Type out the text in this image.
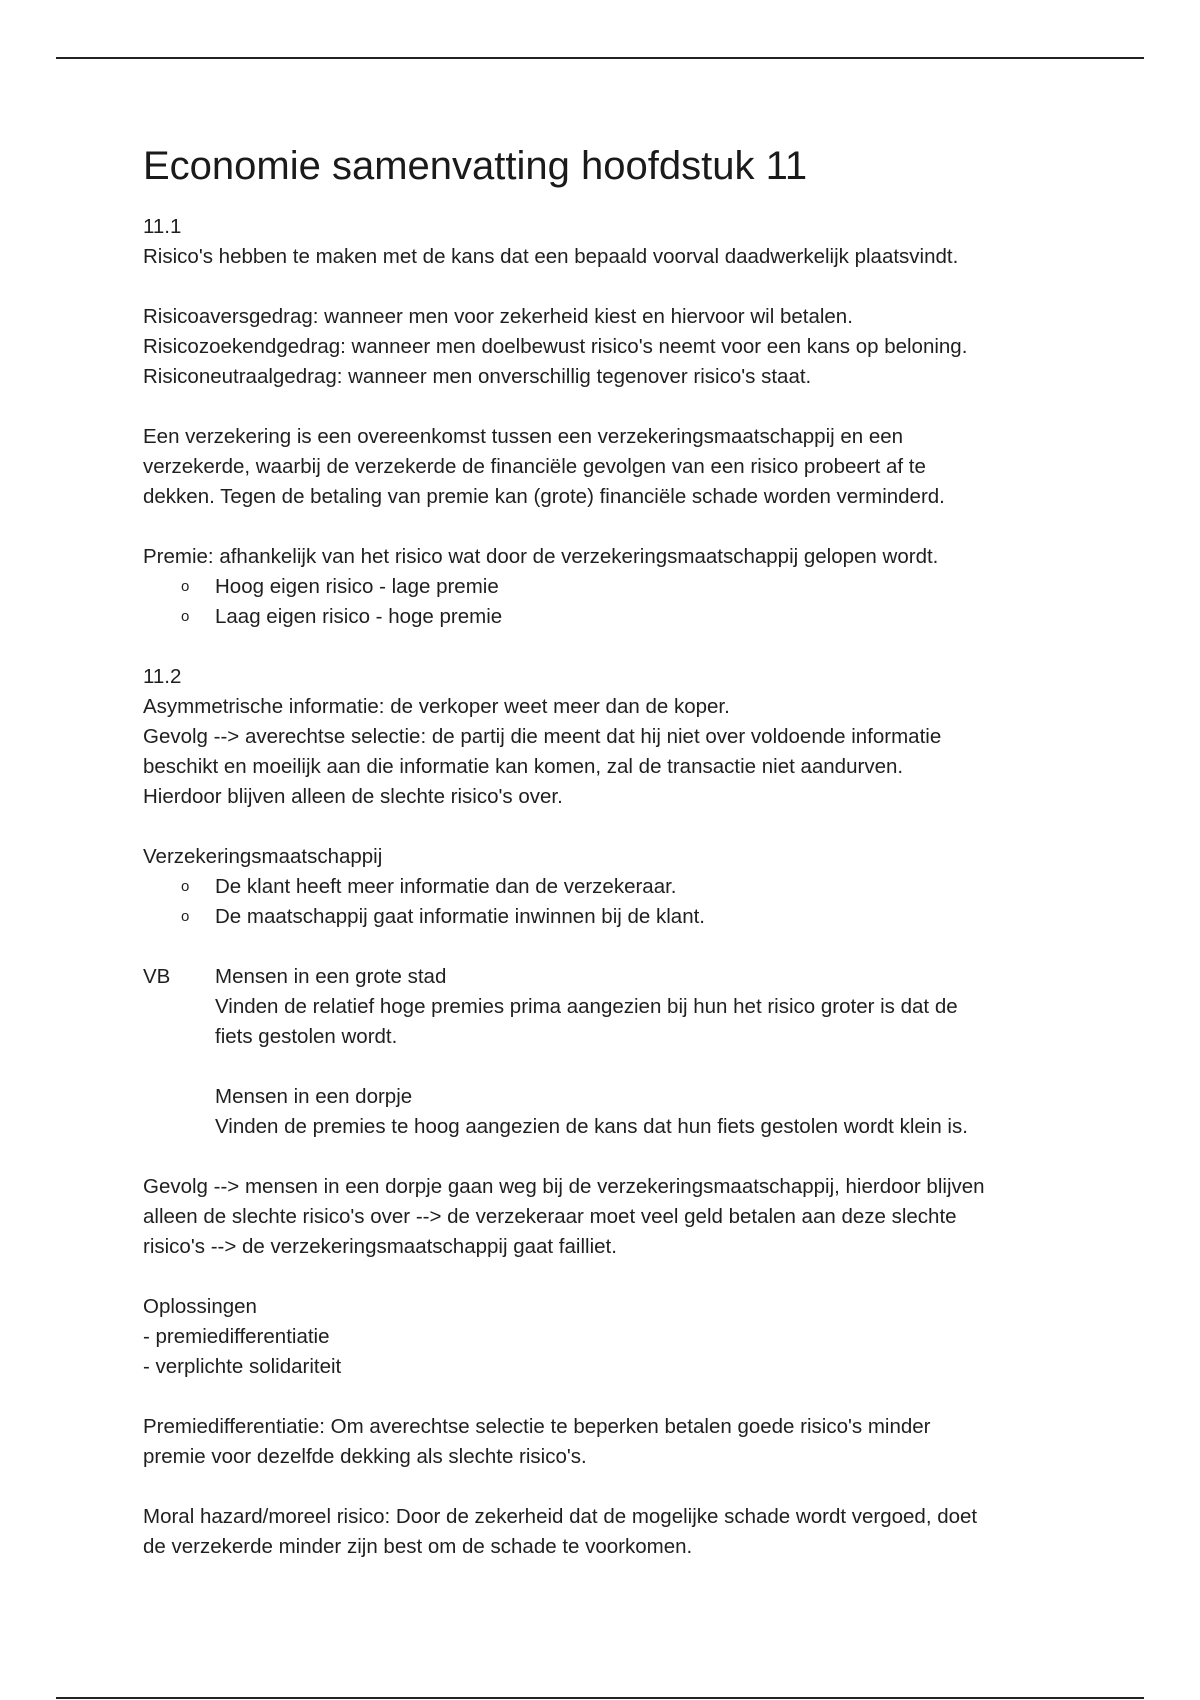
Economie samenvatting hoofdstuk 11
11.1
Risico's hebben te maken met de kans dat een bepaald voorval daadwerkelijk plaatsvindt.
Risicoaversgedrag: wanneer men voor zekerheid kiest en hiervoor wil betalen.
Risicozoekendgedrag: wanneer men doelbewust risico's neemt voor een kans op beloning.
Risiconeutraalgedrag: wanneer men onverschillig tegenover risico's staat.
Een verzekering is een overeenkomst tussen een verzekeringsmaatschappij en een
verzekerde, waarbij de verzekerde de financiële gevolgen van een risico probeert af te
dekken. Tegen de betaling van premie kan (grote) financiële schade worden verminderd.
Premie: afhankelijk van het risico wat door de verzekeringsmaatschappij gelopen wordt.
o Hoog eigen risico - lage premie
o Laag eigen risico - hoge premie
11.2
Asymmetrische informatie: de verkoper weet meer dan de koper.
Gevolg --> averechtse selectie: de partij die meent dat hij niet over voldoende informatie
beschikt en moeilijk aan die informatie kan komen, zal de transactie niet aandurven.
Hierdoor blijven alleen de slechte risico's over.
Verzekeringsmaatschappij
o De klant heeft meer informatie dan de verzekeraar.
o De maatschappij gaat informatie inwinnen bij de klant.
VB Mensen in een grote stad
Vinden de relatief hoge premies prima aangezien bij hun het risico groter is dat de
fiets gestolen wordt.
Mensen in een dorpje
Vinden de premies te hoog aangezien de kans dat hun fiets gestolen wordt klein is.
Gevolg --> mensen in een dorpje gaan weg bij de verzekeringsmaatschappij, hierdoor blijven
alleen de slechte risico's over --> de verzekeraar moet veel geld betalen aan deze slechte
risico's --> de verzekeringsmaatschappij gaat failliet.
Oplossingen
- premiedifferentiatie
- verplichte solidariteit
Premiedifferentiatie: Om averechtse selectie te beperken betalen goede risico's minder
premie voor dezelfde dekking als slechte risico's.
Moral hazard/moreel risico: Door de zekerheid dat de mogelijke schade wordt vergoed, doet
de verzekerde minder zijn best om de schade te voorkomen.
